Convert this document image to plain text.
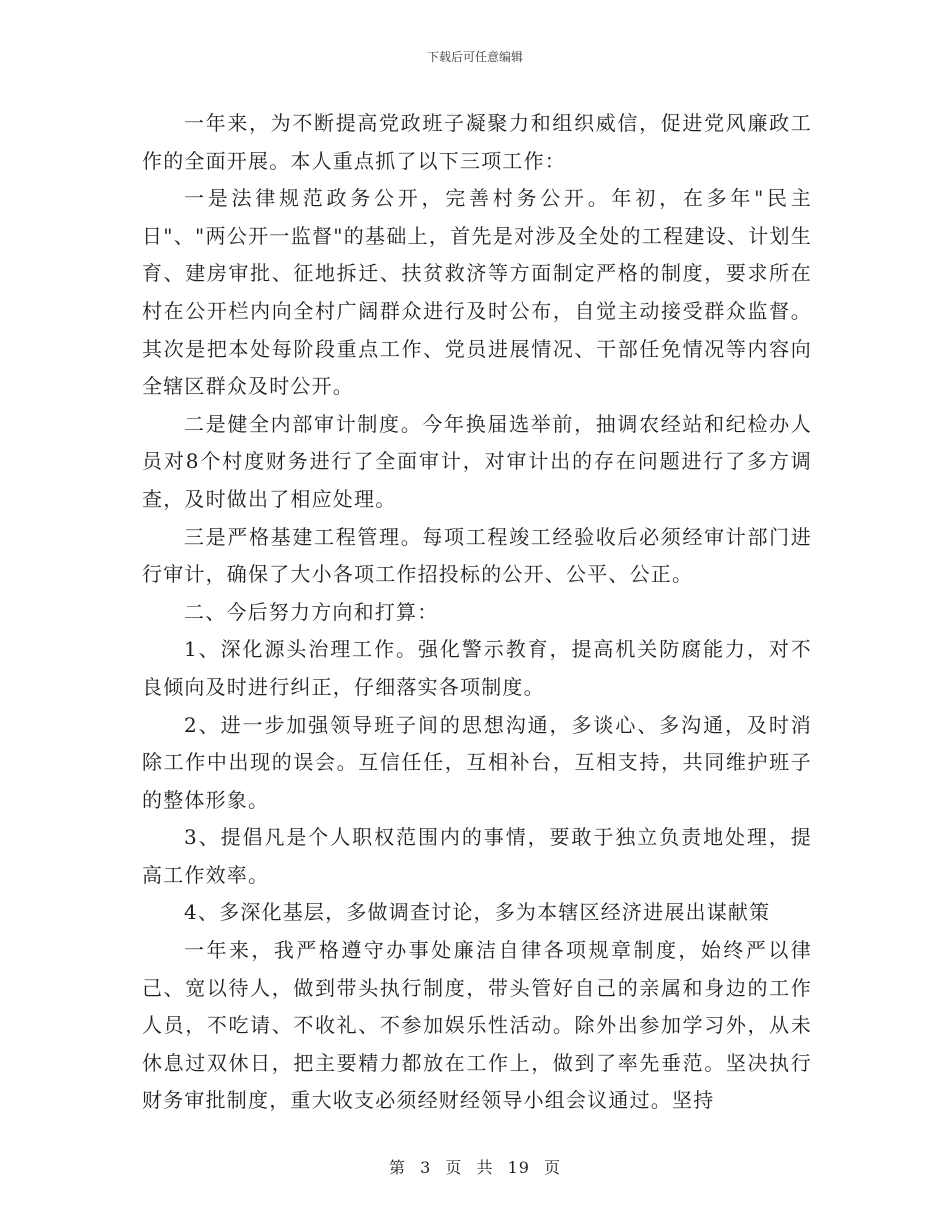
下载后可任意编辑

一年来，为不断提高党政班子凝聚力和组织威信，促进党风廉政工作的全面开展。本人重点抓了以下三项工作：

一是法律规范政务公开，完善村务公开。年初，在多年"民主日"、"两公开一监督"的基础上，首先是对涉及全处的工程建设、计划生育、建房审批、征地拆迁、扶贫救济等方面制定严格的制度，要求所在村在公开栏内向全村广阔群众进行及时公布，自觉主动接受群众监督。其次是把本处每阶段重点工作、党员进展情况、干部任免情况等内容向全辖区群众及时公开。

二是健全内部审计制度。今年换届选举前，抽调农经站和纪检办人员对8个村度财务进行了全面审计，对审计出的存在问题进行了多方调查，及时做出了相应处理。

三是严格基建工程管理。每项工程竣工经验收后必须经审计部门进行审计，确保了大小各项工作招投标的公开、公平、公正。

二、今后努力方向和打算：

1、深化源头治理工作。强化警示教育，提高机关防腐能力，对不良倾向及时进行纠正，仔细落实各项制度。

2、进一步加强领导班子间的思想沟通，多谈心、多沟通，及时消除工作中出现的误会。互信任任，互相补台，互相支持，共同维护班子的整体形象。

3、提倡凡是个人职权范围内的事情，要敢于独立负责地处理，提高工作效率。

4、多深化基层，多做调查讨论，多为本辖区经济进展出谋献策

一年来，我严格遵守办事处廉洁自律各项规章制度，始终严以律己、宽以待人，做到带头执行制度，带头管好自己的亲属和身边的工作人员，不吃请、不收礼、不参加娱乐性活动。除外出参加学习外，从未休息过双休日，把主要精力都放在工作上，做到了率先垂范。坚决执行财务审批制度，重大收支必须经财经领导小组会议通过。坚持

第 3 页 共 19 页
